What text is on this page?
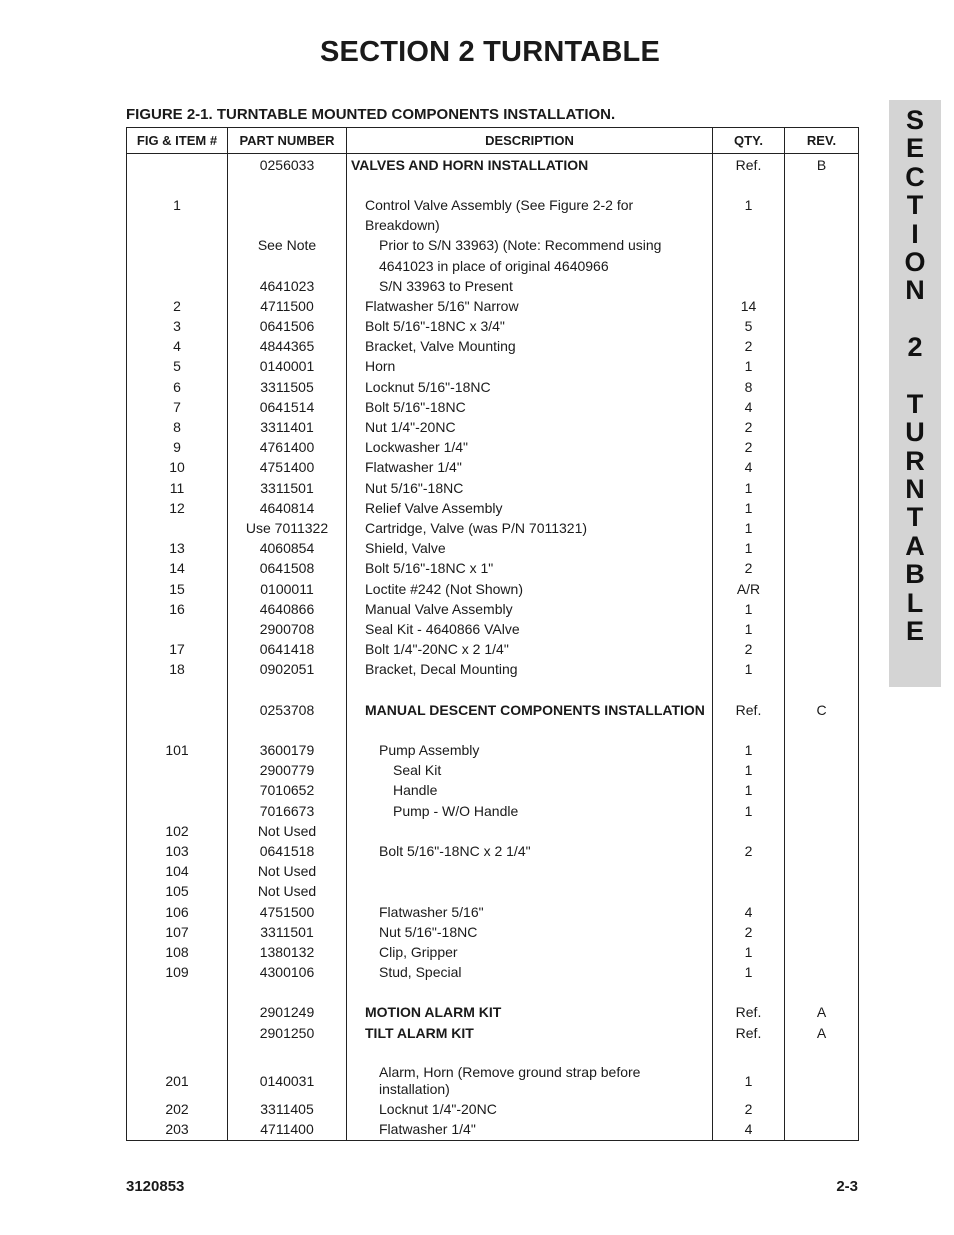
SECTION 2 TURNTABLE
FIGURE 2-1. TURNTABLE MOUNTED COMPONENTS INSTALLATION.	S
E
C
T
I
O
N
2
T
U
R
N
T
A
B
L
E
FIG & ITEM #	PART NUMBER	DESCRIPTION	QTY.	REV.
	0256033	VALVES AND HORN INSTALLATION	Ref.	B

1		Control Valve Assembly (See Figure 2-2 for	1	
		Breakdown)		
	See Note	Prior to S/N 33963) (Note: Recommend using		
		4641023 in place of original 4640966		
	4641023	S/N 33963 to Present		
2	4711500	Flatwasher 5/16" Narrow	14	
3	0641506	Bolt 5/16"-18NC x 3/4"	5	
4	4844365	Bracket, Valve Mounting	2	
5	0140001	Horn	1	
6	3311505	Locknut 5/16"-18NC	8	
7	0641514	Bolt 5/16"-18NC	4	
8	3311401	Nut 1/4"-20NC	2	
9	4761400	Lockwasher 1/4"	2	
10	4751400	Flatwasher 1/4"	4	
11	3311501	Nut 5/16"-18NC	1	
12	4640814	Relief Valve Assembly	1	
	Use 7011322	Cartridge, Valve (was P/N 7011321)	1	
13	4060854	Shield, Valve	1	
14	0641508	Bolt 5/16"-18NC x 1"	2	
15	0100011	Loctite #242 (Not Shown)	A/R	
16	4640866	Manual Valve Assembly	1	
	2900708	Seal Kit - 4640866 VAlve	1	
17	0641418	Bolt 1/4"-20NC x 2 1/4"	2	
18	0902051	Bracket, Decal Mounting	1	

	0253708	MANUAL DESCENT COMPONENTS INSTALLATION	Ref.	C

101	3600179	Pump Assembly	1	
	2900779	Seal Kit	1	
	7010652	Handle	1	
	7016673	Pump - W/O Handle	1	
102	Not Used			
103	0641518	Bolt 5/16"-18NC x 2 1/4"	2	
104	Not Used			
105	Not Used			
106	4751500	Flatwasher 5/16"	4	
107	3311501	Nut 5/16"-18NC	2	
108	1380132	Clip, Gripper	1	
109	4300106	Stud, Special	1	

	2901249	MOTION ALARM KIT	Ref.	A
	2901250	TILT ALARM KIT	Ref.	A

201	0140031	Alarm, Horn (Remove ground strap before installation)	1	
202	3311405	Locknut 1/4"-20NC	2	
203	4711400	Flatwasher 1/4"	4	
3120853	2-3
